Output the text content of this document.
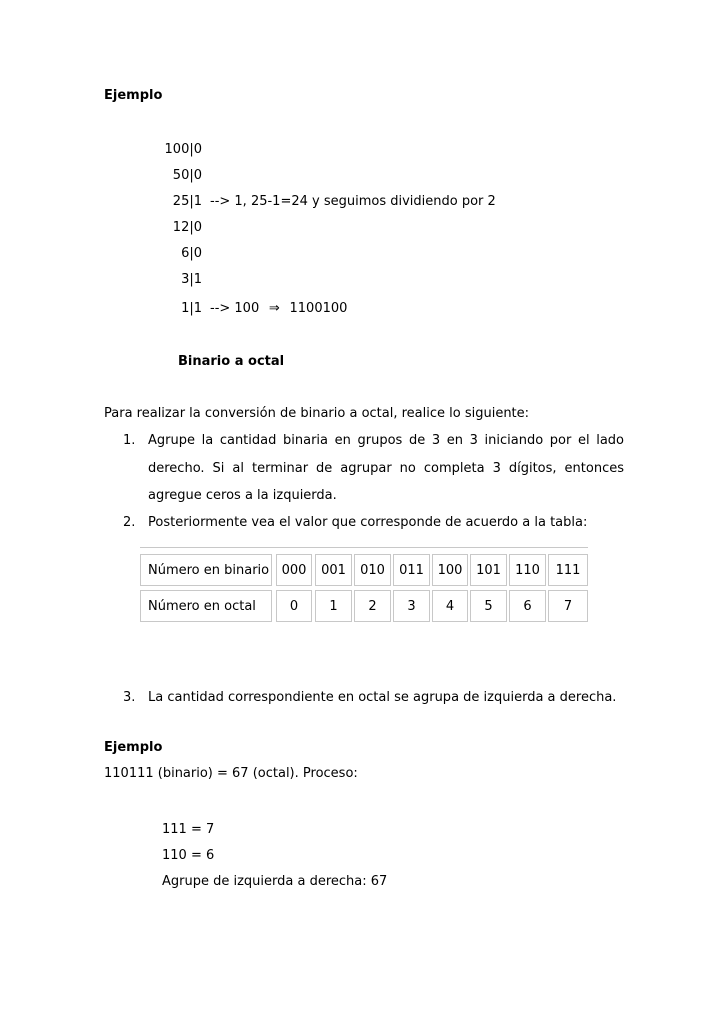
Ejemplo
100|0
50|0
25|1 --> 1, 25-1=24 y seguimos dividiendo por 2
12|0
6|0
3|1
1|1 --> 100 ⇒ 1100100
Binario a octal
Para realizar la conversión de binario a octal, realice lo siguiente:
1. Agrupe la cantidad binaria en grupos de 3 en 3 iniciando por el lado
derecho. Si al terminar de agrupar no completa 3 dígitos, entonces
agregue ceros a la izquierda.
2. Posteriormente vea el valor que corresponde de acuerdo a la tabla:
Número en binario 000	001	010	011	100	101	110	111
Número en octal	0	1	2	3	4	5	6	7
3. La cantidad correspondiente en octal se agrupa de izquierda a derecha.
Ejemplo
110111 (binario) = 67 (octal). Proceso:
111 = 7
110 = 6
Agrupe de izquierda a derecha: 67
